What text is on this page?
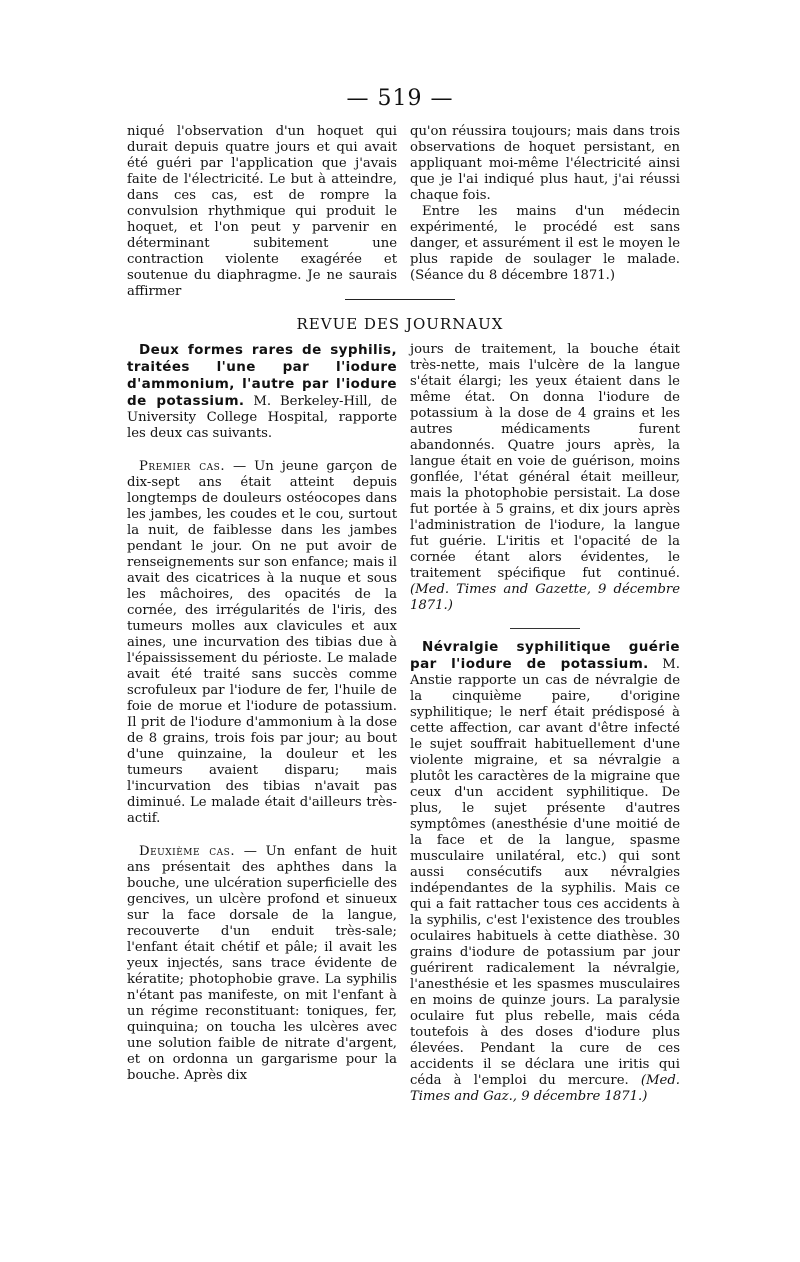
— 519 —

niqué l'observation d'un hoquet qui durait depuis quatre jours et qui avait été guéri par l'application que j'avais faite de l'électricité. Le but à atteindre, dans ces cas, est de rompre la convulsion rhythmique qui produit le hoquet, et l'on peut y parvenir en déterminant subitement une contraction violente exagérée et soutenue du diaphragme. Je ne saurais affirmer

qu'on réussira toujours; mais dans trois observations de hoquet persistant, en appliquant moi-même l'électricité ainsi que je l'ai indiqué plus haut, j'ai réussi chaque fois.

Entre les mains d'un médecin expérimenté, le procédé est sans danger, et assurément il est le moyen le plus rapide de soulager le malade. (Séance du 8 décembre 1871.)

REVUE DES JOURNAUX

Deux formes rares de syphilis, traitées l'une par l'iodure d'ammonium, l'autre par l'iodure de potassium. M. Berkeley-Hill, de University College Hospital, rapporte les deux cas suivants.

Premier cas. — Un jeune garçon de dix-sept ans était atteint depuis longtemps de douleurs ostéocopes dans les jambes, les coudes et le cou, surtout la nuit, de faiblesse dans les jambes pendant le jour. On ne put avoir de renseignements sur son enfance; mais il avait des cicatrices à la nuque et sous les mâchoires, des opacités de la cornée, des irrégularités de l'iris, des tumeurs molles aux clavicules et aux aines, une incurvation des tibias due à l'épaississement du périoste. Le malade avait été traité sans succès comme scrofuleux par l'iodure de fer, l'huile de foie de morue et l'iodure de potassium. Il prit de l'iodure d'ammonium à la dose de 8 grains, trois fois par jour; au bout d'une quinzaine, la douleur et les tumeurs avaient disparu; mais l'incurvation des tibias n'avait pas diminué. Le malade était d'ailleurs très-actif.

Deuxième cas. — Un enfant de huit ans présentait des aphthes dans la bouche, une ulcération superficielle des gencives, un ulcère profond et sinueux sur la face dorsale de la langue, recouverte d'un enduit très-sale; l'enfant était chétif et pâle; il avait les yeux injectés, sans trace évidente de kératite; photophobie grave. La syphilis n'étant pas manifeste, on mit l'enfant à un régime reconstituant: toniques, fer, quinquina; on toucha les ulcères avec une solution faible de nitrate d'argent, et on ordonna un gargarisme pour la bouche. Après dix

jours de traitement, la bouche était très-nette, mais l'ulcère de la langue s'était élargi; les yeux étaient dans le même état. On donna l'iodure de potassium à la dose de 4 grains et les autres médicaments furent abandonnés. Quatre jours après, la langue était en voie de guérison, moins gonflée, l'état général était meilleur, mais la photophobie persistait. La dose fut portée à 5 grains, et dix jours après l'administration de l'iodure, la langue fut guérie. L'iritis et l'opacité de la cornée étant alors évidentes, le traitement spécifique fut continué. (Med. Times and Gazette, 9 décembre 1871.)

Névralgie syphilitique guérie par l'iodure de potassium. M. Anstie rapporte un cas de névralgie de la cinquième paire, d'origine syphilitique; le nerf était prédisposé à cette affection, car avant d'être infecté le sujet souffrait habituellement d'une violente migraine, et sa névralgie a plutôt les caractères de la migraine que ceux d'un accident syphilitique. De plus, le sujet présente d'autres symptômes (anesthésie d'une moitié de la face et de la langue, spasme musculaire unilatéral, etc.) qui sont aussi consécutifs aux névralgies indépendantes de la syphilis. Mais ce qui a fait rattacher tous ces accidents à la syphilis, c'est l'existence des troubles oculaires habituels à cette diathèse. 30 grains d'iodure de potassium par jour guérirent radicalement la névralgie, l'anesthésie et les spasmes musculaires en moins de quinze jours. La paralysie oculaire fut plus rebelle, mais céda toutefois à des doses d'iodure plus élevées. Pendant la cure de ces accidents il se déclara une iritis qui céda à l'emploi du mercure. (Med. Times and Gaz., 9 décembre 1871.)
